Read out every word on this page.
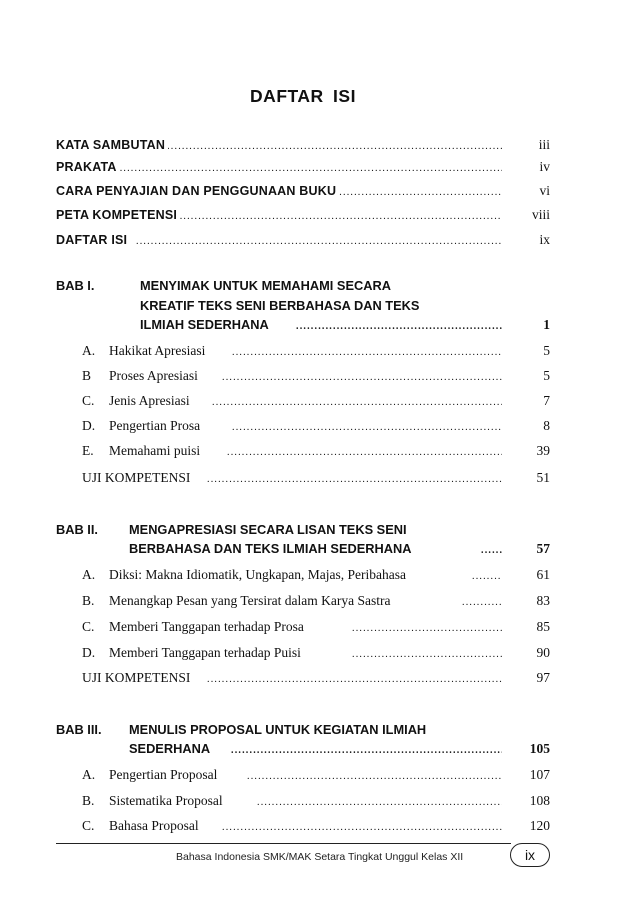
DAFTAR ISI
.....
KATA SAMBUTAN	iii
.....
PRAKATA	iv
.....
CARA PENYAJIAN DAN PENGGUNAAN BUKU	vi
.....
PETA KOMPETENSI	viii
.....
DAFTAR ISI	ix
BAB I.	MENYIMAK UNTUK MEMAHAMI SECARA
KREATIF TEKS SENI BERBAHASA DAN TEKS
.....
ILMIAH SEDERHANA	1
.....
A. Hakikat Apresiasi	5
.....
B Proses Apresiasi	5
.....
C. Jenis Apresiasi	7
.....
D. Pengertian Prosa	8
.....
E. Memahami puisi	39
.....
UJI KOMPETENSI	51
BAB II. MENGAPRESIASI SECARA LISAN TEKS SENI
.....
BERBAHASA DAN TEKS ILMIAH SEDERHANA	57
.....
A. Diksi: Makna Idiomatik, Ungkapan, Majas, Peribahasa	61
.....
B. Menangkap Pesan yang Tersirat dalam Karya Sastra	83
.....
C. Memberi Tanggapan terhadap Prosa	85
.....
D. Memberi Tanggapan terhadap Puisi	90
.....
UJI KOMPETENSI	97
BAB III. MENULIS PROPOSAL UNTUK KEGIATAN ILMIAH
.....
SEDERHANA	105
.....
A. Pengertian Proposal	107
.....
B. Sistematika Proposal	108
.....
C. Bahasa Proposal	120
Bahasa Indonesia SMK/MAK Setara Tingkat Unggul Kelas XII	ix
